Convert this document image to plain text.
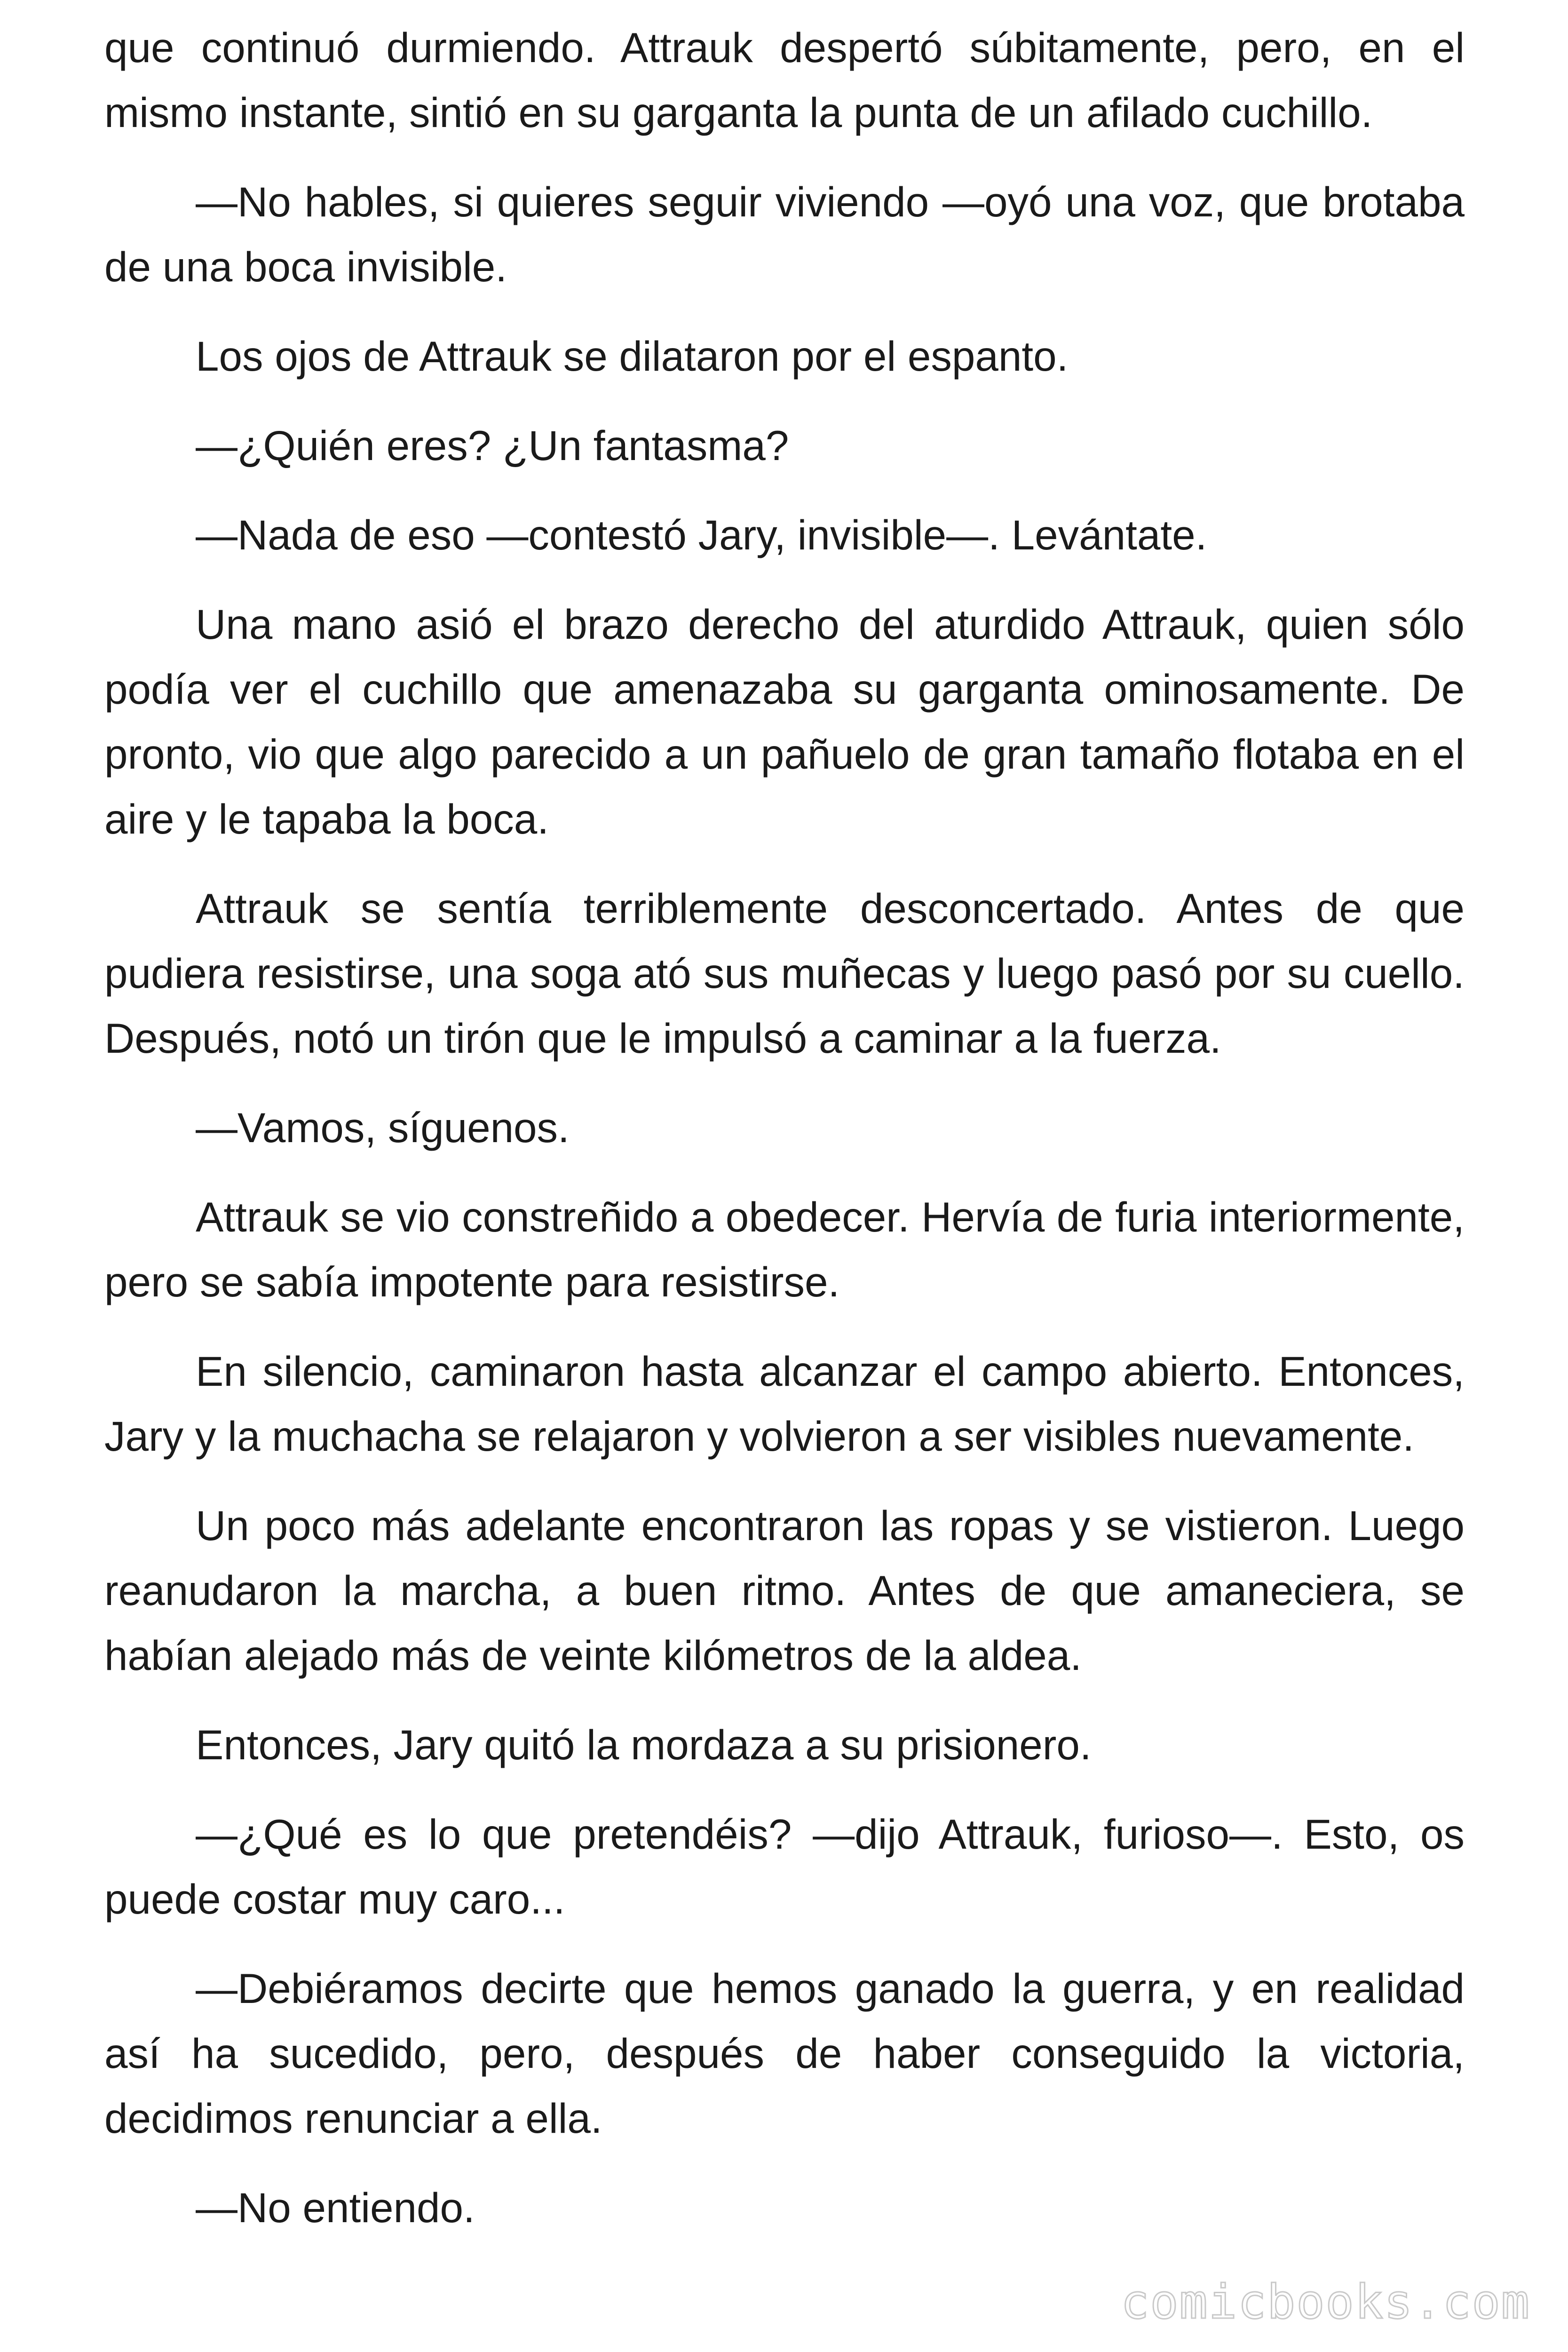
que continuó durmiendo. Attrauk despertó súbitamente, pero, en el mismo instante, sintió en su garganta la punta de un afilado cuchillo.

—No hables, si quieres seguir viviendo —oyó una voz, que brotaba de una boca invisible.

Los ojos de Attrauk se dilataron por el espanto.

—¿Quién eres? ¿Un fantasma?

—Nada de eso —contestó Jary, invisible—. Levántate.

Una mano asió el brazo derecho del aturdido Attrauk, quien sólo podía ver el cuchillo que amenazaba su garganta ominosamente. De pronto, vio que algo parecido a un pañuelo de gran tamaño flotaba en el aire y le tapaba la boca.

Attrauk se sentía terriblemente desconcertado. Antes de que pudiera resistirse, una soga ató sus muñecas y luego pasó por su cuello. Después, notó un tirón que le impulsó a caminar a la fuerza.

—Vamos, síguenos.

Attrauk se vio constreñido a obedecer. Hervía de furia interiormente, pero se sabía impotente para resistirse.

En silencio, caminaron hasta alcanzar el campo abierto. Entonces, Jary y la muchacha se relajaron y volvieron a ser visibles nuevamente.

Un poco más adelante encontraron las ropas y se vistieron. Luego reanudaron la marcha, a buen ritmo. Antes de que amaneciera, se habían alejado más de veinte kilómetros de la aldea.

Entonces, Jary quitó la mordaza a su prisionero.

—¿Qué es lo que pretendéis? —dijo Attrauk, furioso—. Esto, os puede costar muy caro...

—Debiéramos decirte que hemos ganado la guerra, y en realidad así ha sucedido, pero, después de haber conseguido la victoria, decidimos renunciar a ella.

—No entiendo.

comicbooks.com
